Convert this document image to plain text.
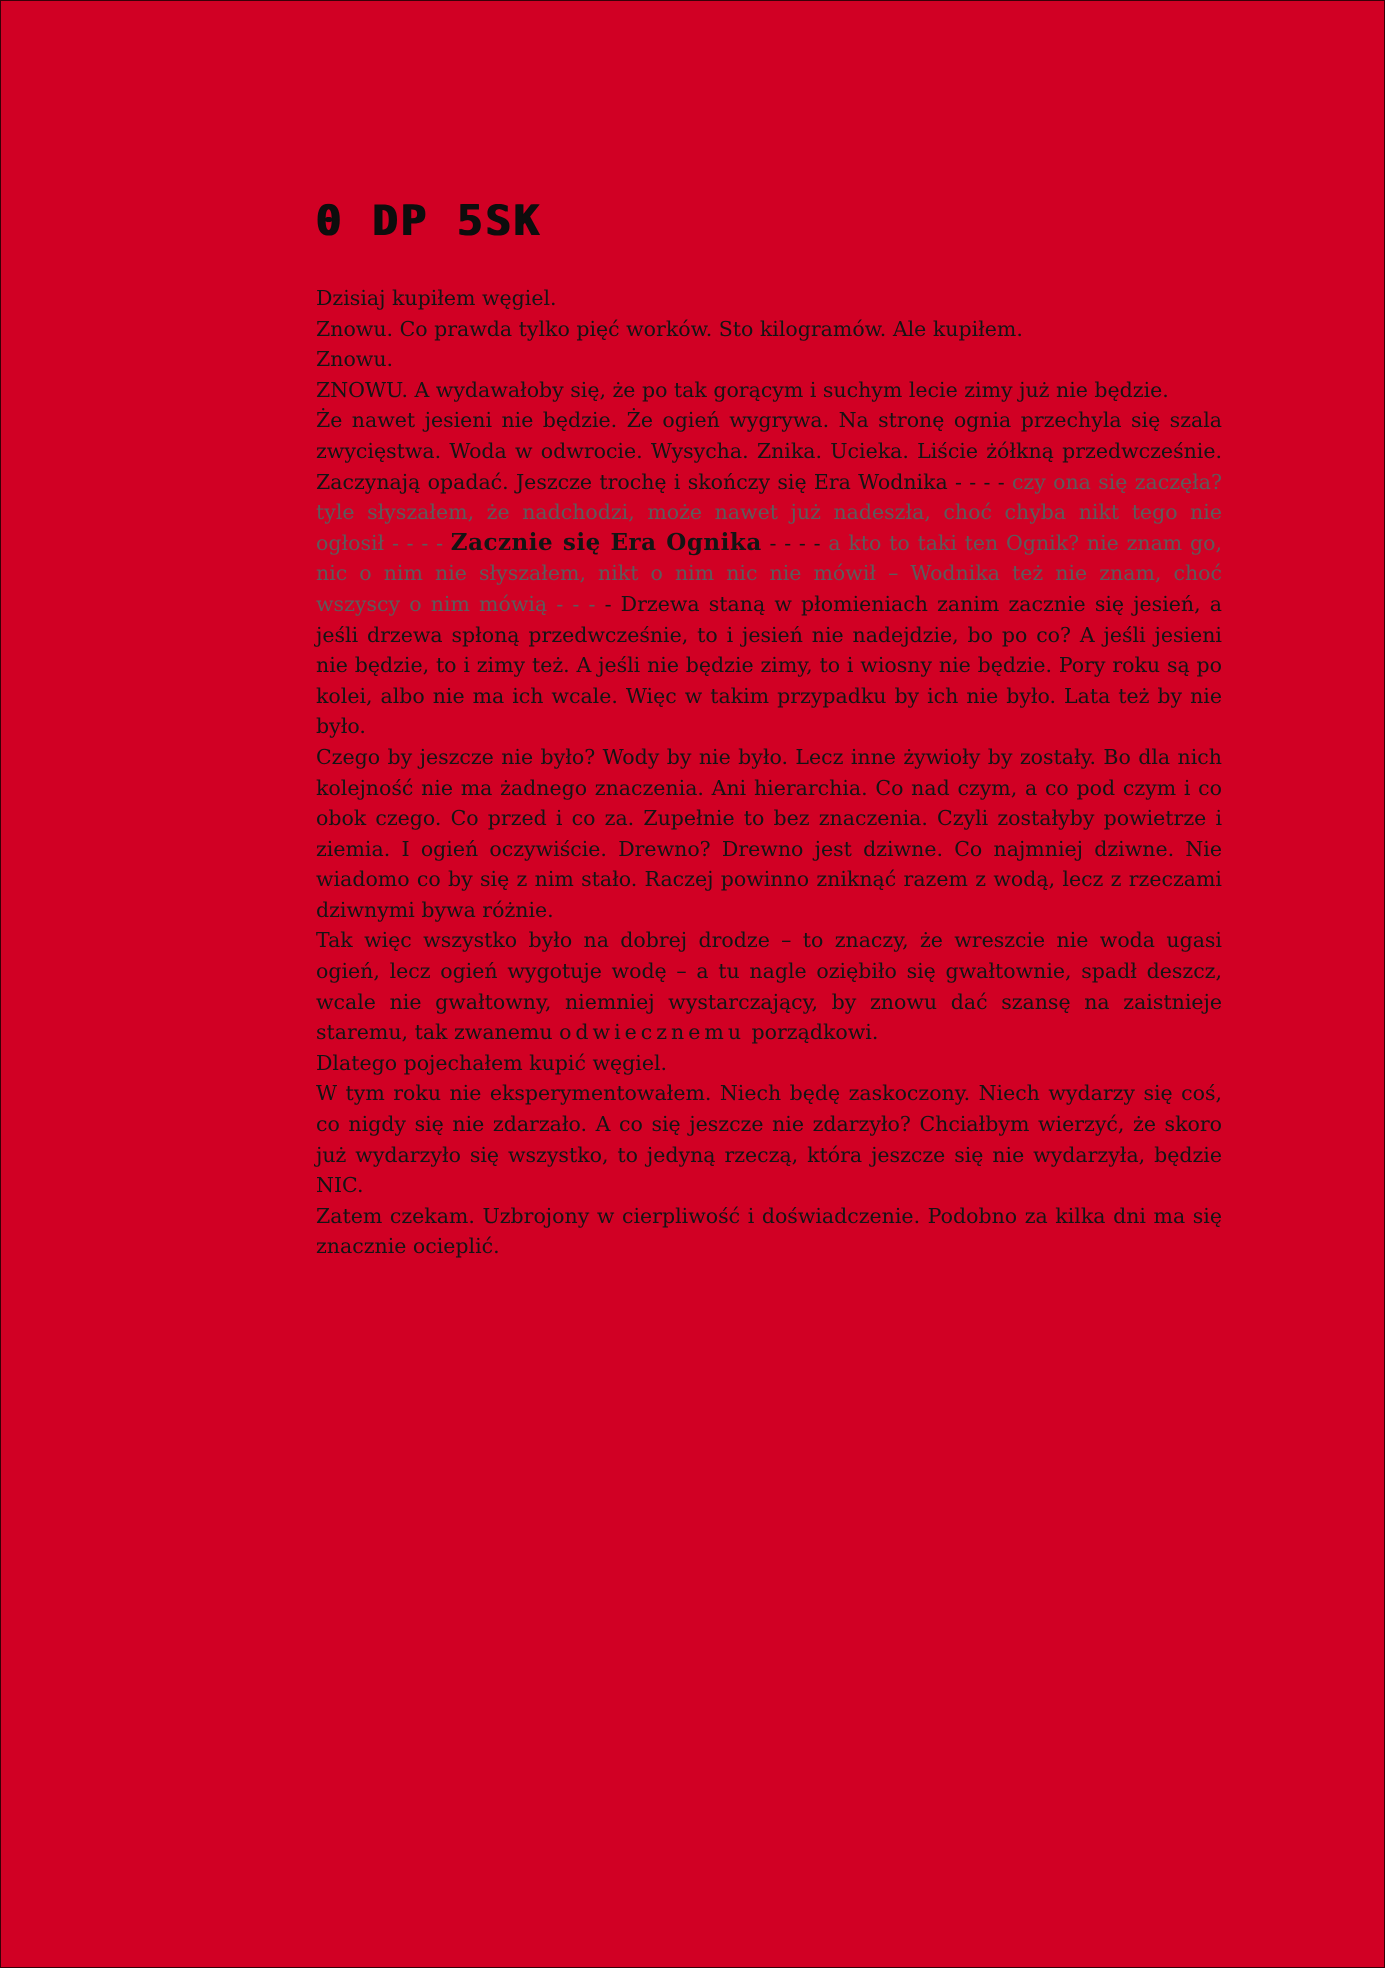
0 DP 5SK

Dzisiaj kupiłem węgiel.

Znowu. Co prawda tylko pięć worków. Sto kilogramów. Ale kupiłem.

Znowu.

ZNOWU. A wydawałoby się, że po tak gorącym i suchym lecie zimy już nie będzie.

Że nawet jesieni nie będzie. Że ogień wygrywa. Na stronę ognia przechyla się szala zwycięstwa. Woda w odwrocie. Wysycha. Znika. Ucieka. Liście żółkną przedwcześnie. Zaczynają opadać. Jeszcze trochę i skończy się Era Wodnika - - - - czy ona się zaczęła? tyle słyszałem, że nadchodzi, może nawet już nadeszła, choć chyba nikt tego nie ogłosił - - - - Zacznie się Era Ognika - - - - a kto to taki ten Ognik? nie znam go, nic o nim nie słyszałem, nikt o nim nic nie mówił – Wodnika też nie znam, choć wszyscy o nim mówią - - - - Drzewa staną w płomieniach zanim zacznie się jesień, a jeśli drzewa spłoną przedwcześnie, to i jesień nie nadejdzie, bo po co? A jeśli jesieni nie będzie, to i zimy też. A jeśli nie będzie zimy, to i wiosny nie będzie. Pory roku są po kolei, albo nie ma ich wcale. Więc w takim przypadku by ich nie było. Lata też by nie było.

Czego by jeszcze nie było? Wody by nie było. Lecz inne żywioły by zostały. Bo dla nich kolejność nie ma żadnego znaczenia. Ani hierarchia. Co nad czym, a co pod czym i co obok czego. Co przed i co za. Zupełnie to bez znaczenia. Czyli zostałyby powietrze i ziemia. I ogień oczywiście. Drewno? Drewno jest dziwne. Co najmniej dziwne. Nie wiadomo co by się z nim stało. Raczej powinno zniknąć razem z wodą, lecz z rzeczami dziwnymi bywa różnie.

Tak więc wszystko było na dobrej drodze – to znaczy, że wreszcie nie woda ugasi ogień, lecz ogień wygotuje wodę – a tu nagle oziębiło się gwałtownie, spadł deszcz, wcale nie gwałtowny, niemniej wystarczający, by znowu dać szansę na zaistnieje staremu, tak zwanemu odwiecznemu porządkowi.

Dlatego pojechałem kupić węgiel.

W tym roku nie eksperymentowałem. Niech będę zaskoczony. Niech wydarzy się coś, co nigdy się nie zdarzało. A co się jeszcze nie zdarzyło? Chciałbym wierzyć, że skoro już wydarzyło się wszystko, to jedyną rzeczą, która jeszcze się nie wydarzyła, będzie NIC.

Zatem czekam. Uzbrojony w cierpliwość i doświadczenie. Podobno za kilka dni ma się znacznie ocieplić.
